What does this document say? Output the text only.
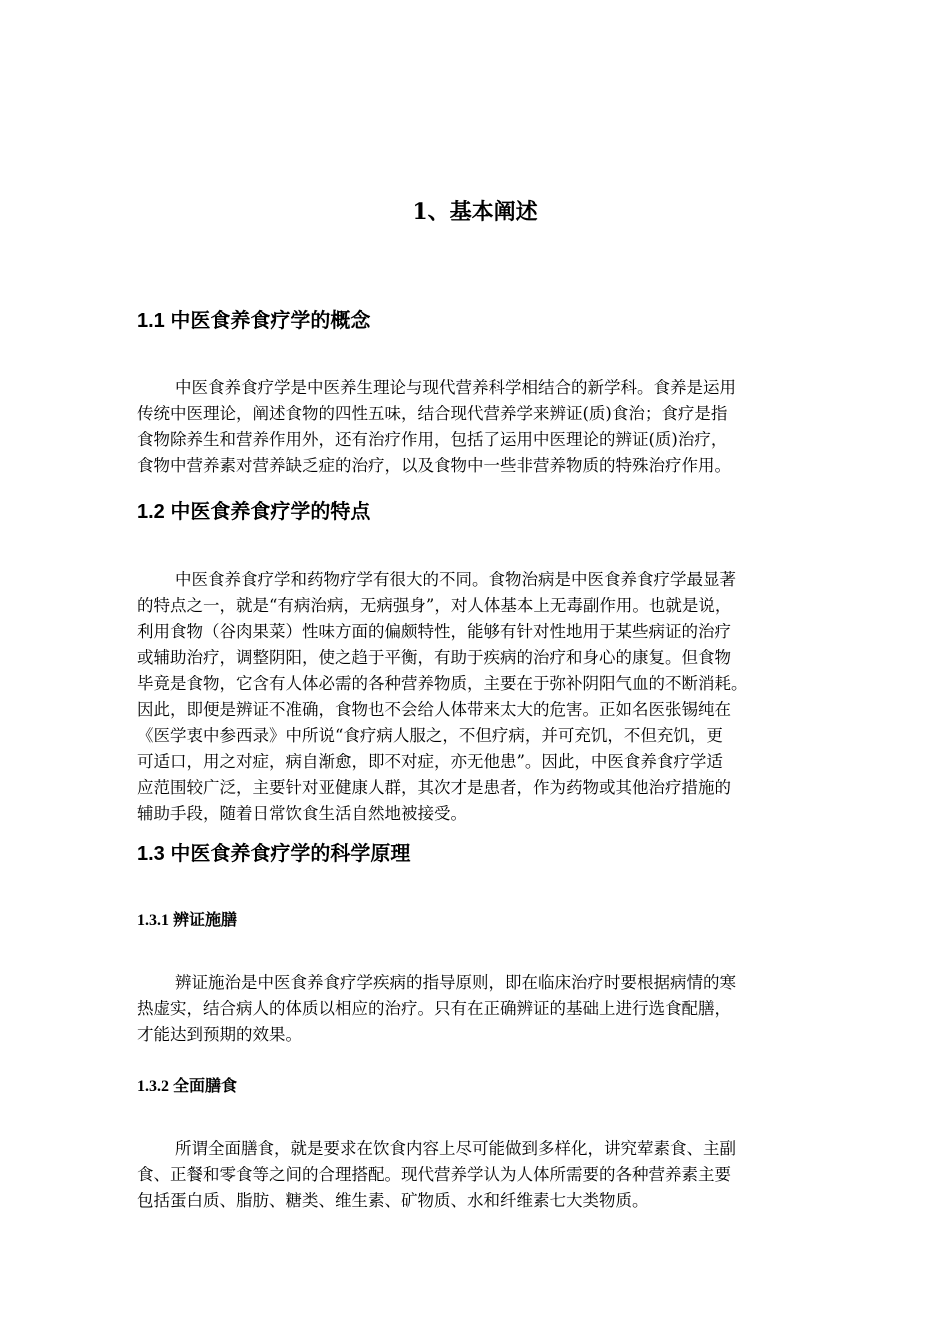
1、基本阐述
1.1 中医食养食疗学的概念
中医食养食疗学是中医养生理论与现代营养科学相结合的新学科。食养是运用
传统中医理论，阐述食物的四性五味，结合现代营养学来辨证(质)食治；食疗是指
食物除养生和营养作用外，还有治疗作用，包括了运用中医理论的辨证(质)治疗，
食物中营养素对营养缺乏症的治疗，以及食物中一些非营养物质的特殊治疗作用。
1.2 中医食养食疗学的特点
中医食养食疗学和药物疗学有很大的不同。食物治病是中医食养食疗学最显著
的特点之一，就是“有病治病，无病强身”，对人体基本上无毒副作用。也就是说，
利用食物（谷肉果菜）性味方面的偏颇特性，能够有针对性地用于某些病证的治疗
或辅助治疗，调整阴阳，使之趋于平衡，有助于疾病的治疗和身心的康复。但食物
毕竟是食物，它含有人体必需的各种营养物质，主要在于弥补阴阳气血的不断消耗。
因此，即便是辨证不准确，食物也不会给人体带来太大的危害。正如名医张锡纯在
《医学衷中参西录》中所说“食疗病人服之，不但疗病，并可充饥，不但充饥，更
可适口，用之对症，病自渐愈，即不对症，亦无他患”。因此，中医食养食疗学适
应范围较广泛，主要针对亚健康人群，其次才是患者，作为药物或其他治疗措施的
辅助手段，随着日常饮食生活自然地被接受。
1.3 中医食养食疗学的科学原理
1.3.1 辨证施膳
辨证施治是中医食养食疗学疾病的指导原则，即在临床治疗时要根据病情的寒
热虚实，结合病人的体质以相应的治疗。只有在正确辨证的基础上进行选食配膳，
才能达到预期的效果。
1.3.2 全面膳食
所谓全面膳食，就是要求在饮食内容上尽可能做到多样化，讲究荤素食、主副
食、正餐和零食等之间的合理搭配。现代营养学认为人体所需要的各种营养素主要
包括蛋白质、脂肪、糖类、维生素、矿物质、水和纤维素七大类物质。
